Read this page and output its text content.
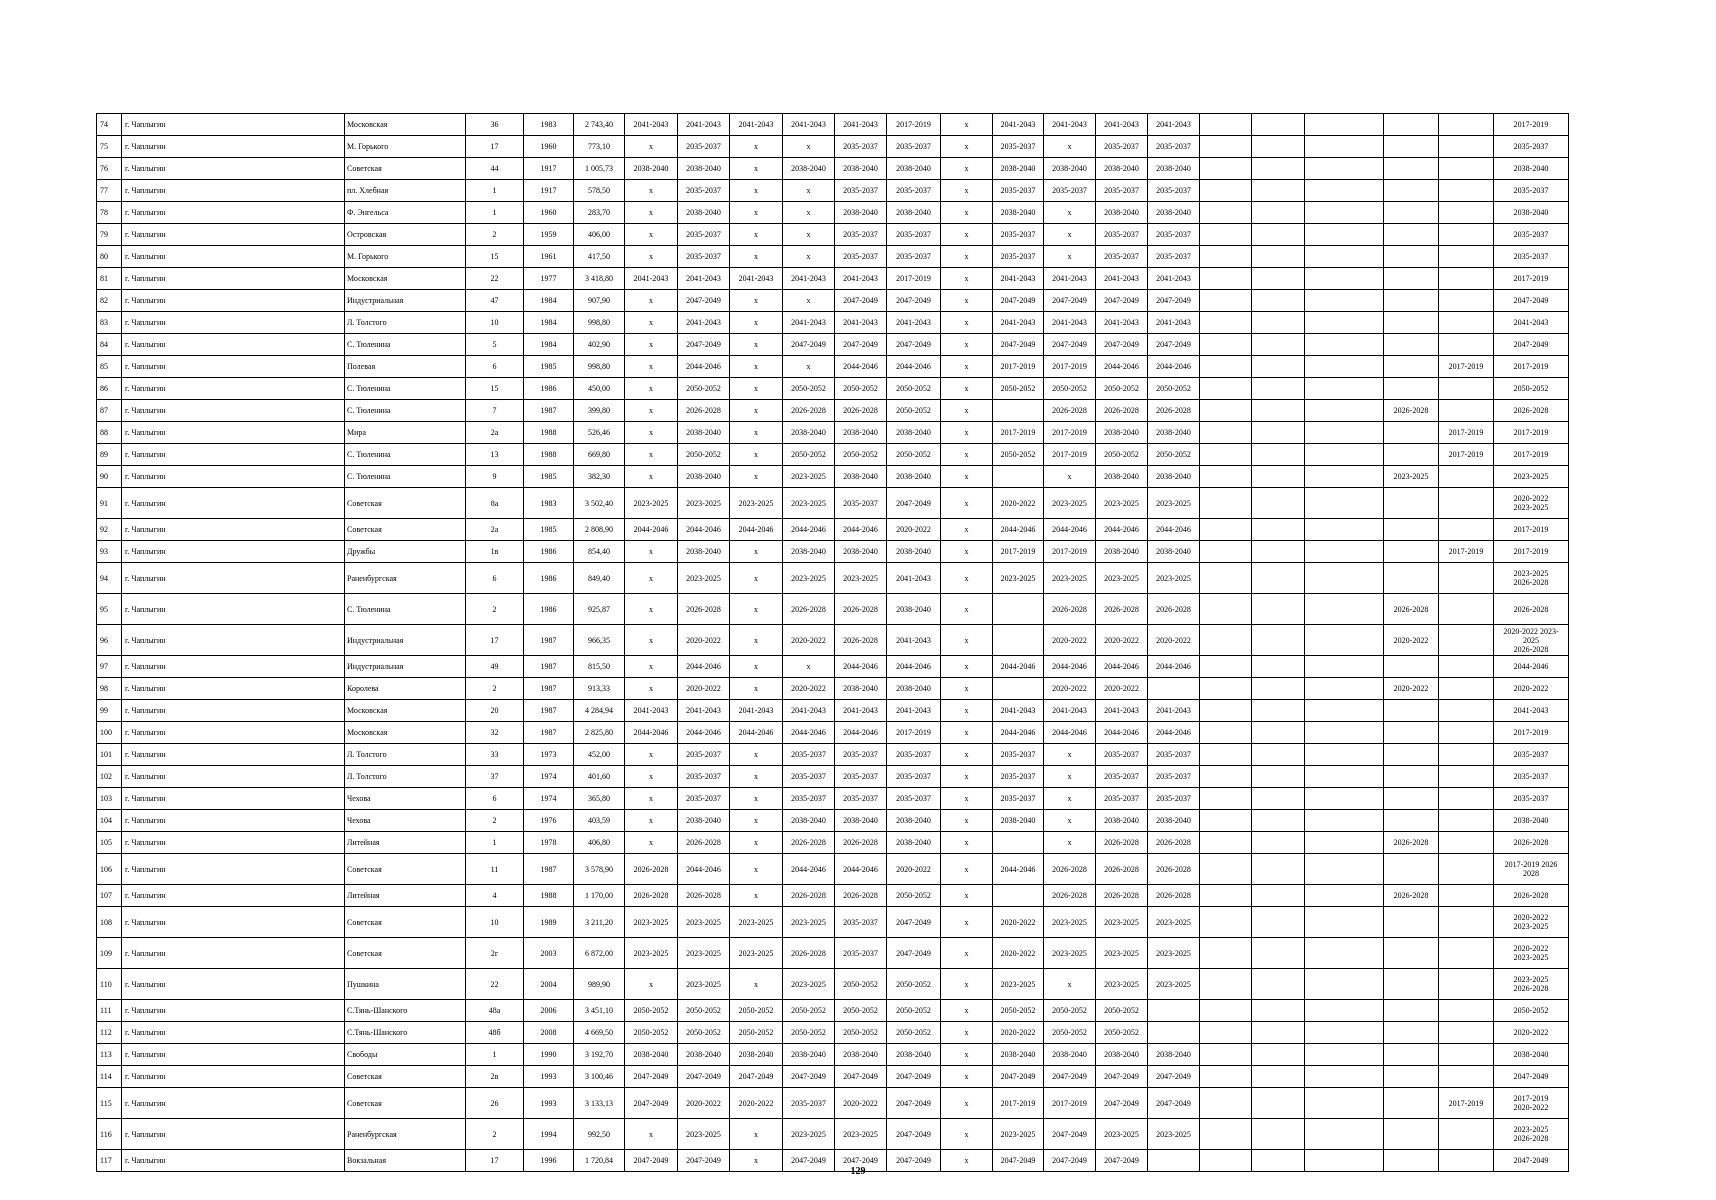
74	г. Чаплыгин	Московская	36	1983	2 743,40	2041-2043	2041-2043	2041-2043	2041-2043	2041-2043	2017-2019	х	2041-2043	2041-2043	2041-2043	2041-2043						2017-2019
75	г. Чаплыгин	М. Горького	17	1960	773,10	х	2035-2037	х	х	2035-2037	2035-2037	х	2035-2037	х	2035-2037	2035-2037						2035-2037
76	г. Чаплыгин	Советская	44	1917	1 005,73	2038-2040	2038-2040	х	2038-2040	2038-2040	2038-2040	х	2038-2040	2038-2040	2038-2040	2038-2040						2038-2040
77	г. Чаплыгин	пл. Хлебная	1	1917	578,50	х	2035-2037	х	х	2035-2037	2035-2037	х	2035-2037	2035-2037	2035-2037	2035-2037						2035-2037
78	г. Чаплыгин	Ф. Энгельса	1	1960	283,70	х	2038-2040	х	х	2038-2040	2038-2040	х	2038-2040	х	2038-2040	2038-2040						2038-2040
79	г. Чаплыгин	Островская	2	1959	406,00	х	2035-2037	х	х	2035-2037	2035-2037	х	2035-2037	х	2035-2037	2035-2037						2035-2037
80	г. Чаплыгин	М. Горького	15	1961	417,50	х	2035-2037	х	х	2035-2037	2035-2037	х	2035-2037	х	2035-2037	2035-2037						2035-2037
81	г. Чаплыгин	Московская	22	1977	3 418,80	2041-2043	2041-2043	2041-2043	2041-2043	2041-2043	2017-2019	х	2041-2043	2041-2043	2041-2043	2041-2043						2017-2019
82	г. Чаплыгин	Индустриальная	47	1984	907,90	х	2047-2049	х	х	2047-2049	2047-2049	х	2047-2049	2047-2049	2047-2049	2047-2049						2047-2049
83	г. Чаплыгин	Л. Толстого	10	1984	998,80	х	2041-2043	х	2041-2043	2041-2043	2041-2043	х	2041-2043	2041-2043	2041-2043	2041-2043						2041-2043
84	г. Чаплыгин	С. Тюленина	5	1984	402,90	х	2047-2049	х	2047-2049	2047-2049	2047-2049	х	2047-2049	2047-2049	2047-2049	2047-2049						2047-2049
85	г. Чаплыгин	Полевая	6	1985	998,80	х	2044-2046	х	х	2044-2046	2044-2046	х	2017-2019	2017-2019	2044-2046	2044-2046					2017-2019	2017-2019
86	г. Чаплыгин	С. Тюленина	15	1986	450,00	х	2050-2052	х	2050-2052	2050-2052	2050-2052	х	2050-2052	2050-2052	2050-2052	2050-2052						2050-2052
87	г. Чаплыгин	С. Тюленина	7	1987	399,80	х	2026-2028	х	2026-2028	2026-2028	2050-2052	х		2026-2028	2026-2028	2026-2028				2026-2028		2026-2028
88	г. Чаплыгин	Мира	2а	1988	526,46	х	2038-2040	х	2038-2040	2038-2040	2038-2040	х	2017-2019	2017-2019	2038-2040	2038-2040					2017-2019	2017-2019
89	г. Чаплыгин	С. Тюленина	13	1988	669,80	х	2050-2052	х	2050-2052	2050-2052	2050-2052	х	2050-2052	2017-2019	2050-2052	2050-2052					2017-2019	2017-2019
90	г. Чаплыгин	С. Тюленина	9	1985	382,30	х	2038-2040	х	2023-2025	2038-2040	2038-2040	х		х	2038-2040	2038-2040				2023-2025		2023-2025
91	г. Чаплыгин	Советская	8а	1983	3 502,40	2023-2025	2023-2025	2023-2025	2023-2025	2035-2037	2047-2049	х	2020-2022	2023-2025	2023-2025	2023-2025						2020-2022
2023-2025
92	г. Чаплыгин	Советская	2а	1985	2 808,90	2044-2046	2044-2046	2044-2046	2044-2046	2044-2046	2020-2022	х	2044-2046	2044-2046	2044-2046	2044-2046						2017-2019
93	г. Чаплыгин	Дружбы	1в	1986	854,40	х	2038-2040	х	2038-2040	2038-2040	2038-2040	х	2017-2019	2017-2019	2038-2040	2038-2040					2017-2019	2017-2019
94	г. Чаплыгин	Раненбургская	6	1986	849,40	х	2023-2025	х	2023-2025	2023-2025	2041-2043	х	2023-2025	2023-2025	2023-2025	2023-2025						2023-2025
2026-2028
95	г. Чаплыгин	С. Тюленина	2	1986	925,87	х	2026-2028	х	2026-2028	2026-2028	2038-2040	х		2026-2028	2026-2028	2026-2028				2026-2028		2026-2028
96	г. Чаплыгин	Индустриальная	17	1987	966,35	х	2020-2022	х	2020-2022	2026-2028	2041-2043	х		2020-2022	2020-2022	2020-2022				2020-2022		2020-2022 2023-
2025
2026-2028
97	г. Чаплыгин	Индустриальная	49	1987	815,50	х	2044-2046	х	х	2044-2046	2044-2046	х	2044-2046	2044-2046	2044-2046	2044-2046						2044-2046
98	г. Чаплыгин	Королева	2	1987	913,33	х	2020-2022	х	2020-2022	2038-2040	2038-2040	х		2020-2022	2020-2022					2020-2022		2020-2022
99	г. Чаплыгин	Московская	20	1987	4 284,94	2041-2043	2041-2043	2041-2043	2041-2043	2041-2043	2041-2043	х	2041-2043	2041-2043	2041-2043	2041-2043						2041-2043
100	г. Чаплыгин	Московская	32	1987	2 825,80	2044-2046	2044-2046	2044-2046	2044-2046	2044-2046	2017-2019	х	2044-2046	2044-2046	2044-2046	2044-2046						2017-2019
101	г. Чаплыгин	Л. Толстого	33	1973	452,00	х	2035-2037	х	2035-2037	2035-2037	2035-2037	х	2035-2037	х	2035-2037	2035-2037						2035-2037
102	г. Чаплыгин	Л. Толстого	37	1974	401,60	х	2035-2037	х	2035-2037	2035-2037	2035-2037	х	2035-2037	х	2035-2037	2035-2037						2035-2037
103	г. Чаплыгин	Чехова	6	1974	365,80	х	2035-2037	х	2035-2037	2035-2037	2035-2037	х	2035-2037	х	2035-2037	2035-2037						2035-2037
104	г. Чаплыгин	Чехова	2	1976	403,59	х	2038-2040	х	2038-2040	2038-2040	2038-2040	х	2038-2040	х	2038-2040	2038-2040						2038-2040
105	г. Чаплыгин	Литейная	1	1978	406,80	х	2026-2028	х	2026-2028	2026-2028	2038-2040	х		х	2026-2028	2026-2028				2026-2028		2026-2028
106	г. Чаплыгин	Советская	11	1987	3 578,90	2026-2028	2044-2046	х	2044-2046	2044-2046	2020-2022	х	2044-2046	2026-2028	2026-2028	2026-2028						2017-2019 2026
2028
107	г. Чаплыгин	Литейная	4	1988	1 170,00	2026-2028	2026-2028	х	2026-2028	2026-2028	2050-2052	х		2026-2028	2026-2028	2026-2028				2026-2028		2026-2028
108	г. Чаплыгин	Советская	10	1989	3 211,20	2023-2025	2023-2025	2023-2025	2023-2025	2035-2037	2047-2049	х	2020-2022	2023-2025	2023-2025	2023-2025						2020-2022
2023-2025
109	г. Чаплыгин	Советская	2г	2003	6 872,00	2023-2025	2023-2025	2023-2025	2026-2028	2035-2037	2047-2049	х	2020-2022	2023-2025	2023-2025	2023-2025						2020-2022
2023-2025
110	г. Чаплыгин	Пушкина	22	2004	989,90	х	2023-2025	х	2023-2025	2050-2052	2050-2052	х	2023-2025	х	2023-2025	2023-2025						2023-2025
2026-2028
111	г. Чаплыгин	С.Тянь-Шанского	48а	2006	3 451,10	2050-2052	2050-2052	2050-2052	2050-2052	2050-2052	2050-2052	х	2050-2052	2050-2052	2050-2052							2050-2052
112	г. Чаплыгин	С.Тянь-Шанского	48б	2008	4 669,50	2050-2052	2050-2052	2050-2052	2050-2052	2050-2052	2050-2052	х	2020-2022	2050-2052	2050-2052							2020-2022
113	г. Чаплыгин	Свободы	1	1990	3 192,70	2038-2040	2038-2040	2038-2040	2038-2040	2038-2040	2038-2040	х	2038-2040	2038-2040	2038-2040	2038-2040						2038-2040
114	г. Чаплыгин	Советская	2в	1993	3 100,46	2047-2049	2047-2049	2047-2049	2047-2049	2047-2049	2047-2049	х	2047-2049	2047-2049	2047-2049	2047-2049						2047-2049
115	г. Чаплыгин	Советская	26	1993	3 133,13	2047-2049	2020-2022	2020-2022	2035-2037	2020-2022	2047-2049	х	2017-2019	2017-2019	2047-2049	2047-2049					2017-2019	2017-2019
2020-2022
116	г. Чаплыгин	Раненбургская	2	1994	992,50	х	2023-2025	х	2023-2025	2023-2025	2047-2049	х	2023-2025	2047-2049	2023-2025	2023-2025						2023-2025
2026-2028
117	г. Чаплыгин	Вокзальная	17	1996	1 720,84	2047-2049	2047-2049	х	2047-2049	2047-2049	2047-2049	х	2047-2049	2047-2049	2047-2049							2047-2049
129
